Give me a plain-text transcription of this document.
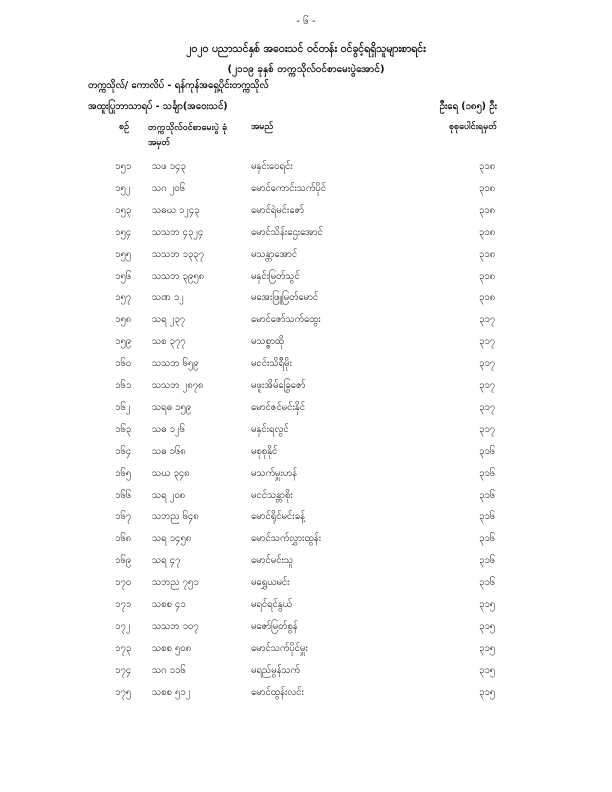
- ၆ -
၂၀၂၀ ပညာသင်နှစ် အဝေးသင် ဝင်တန်း ဝင်ခွင့်ရရှိသူများစာရင်း
(၂၁၁၉ ခုနှစ် တက္ကသိုလ်ဝင်စာမေးပွဲအောင်)
တက္ကသိုလ်/ ကောလိပ် - ရန်ကုန်အရှေ့ပိုင်းတက္ကသိုလ်
အထူးပြုဘာသာရပ် - သင်္ချာ(အဝေးသင်)	ဦးရေ (၁၈၅) ဦး
စဉ် တက္ကသိုလ်ဝင်စာမေးပွဲ ခုံအမှတ်
အမည်	စုစုပေါင်းရမှတ်
၁၅၁ သဖ ၁၄၃	မနှင်းဝေရင်း	၃၁၈
၁၅၂ သဂ ၂၀၆	မောင်ကောင်းသက်ပိုင်	၃၁၈
၁၅၃ သဓဃ ၁၂၄၃	မောင်ရဲမင်းဇော်	၃၁၈
၁၅၄ သသဘ ၄၃၂၄	မောင်သိန်းဌေးအောင်	၃၁၈
၁၅၅ သသဘ ၁၃၃၇	မသန္တာအောင်	၃၁၈
၁၅၆ သသဘ ၃၉၅၈	မနှင်းမြတ်သွင်	၃၁၈
၁၅၇ သဏ ၁၂	မအေးဖြူမြတ်မောင်	၃၁၈
၁၅၈ သရ ၂၃၇	မောင်ဇော်သက်ထွေး	၃၁၇
၁၅၉ သစ ၃၇၇	မသစ္စာထို	၃၁၇
၁၆၀ သသဘ ၆၅၉	မငင်းသိရီမိုး	၃၁၇
၁၆၁ သသဘ ၂၈၇၈	မဖူးအိမ်ခြွေဇော်	၃၁၇
၁၆၂ သရဓ ၁၅၉	မောင်ဇင်မင်းနိုင်	၃၁၇
၁၆၃ သဓ ၁၂၆	မနှင်းရလွင်	၃၁၇
၁၆၄ သဓ ၁၆၈	မစုစုနိုင်	၃၁၆
၁၆၅ သဃ ၃၄၈	မသက်မှူးဟန်	၃၁၆
၁၆၆ သရ ၂၀၈	မငင်သန္တာစိုး	၃၁၆
၁၆၇ သဘည ၆၄၈	မောင်ရိုင်မင်းခန့်	၃၁၆
၁၆၈ သရ ၁၄၅၈	မောင်သက်လွှားထွန်း	၃၁၆
၁၆၉ သရ ၄၇	မောင်မင်းသူ	၃၁၆
၁၇၀ သဘည ၇၅၁	မရွှေယမင်း	၃၁၆
၁၇၁ သစစ ၄၁	မရင်ရင်နွယ်	၃၁၅
၁၇၂ သသဘ ၁၀၇	မဇော်မြတ်စွန်	၃၁၅
၁၇၃ သစစ ၅၀၈	မောင်သက်ပိုင်မှူး	၃၁၅
၁၇၄ သဂ ၁၁၆	မရည်မွန်သက်	၃၁၅
၁၇၅ သစစ ၅၁၂	မောင်ထွန်းလင်း	၃၁၅
